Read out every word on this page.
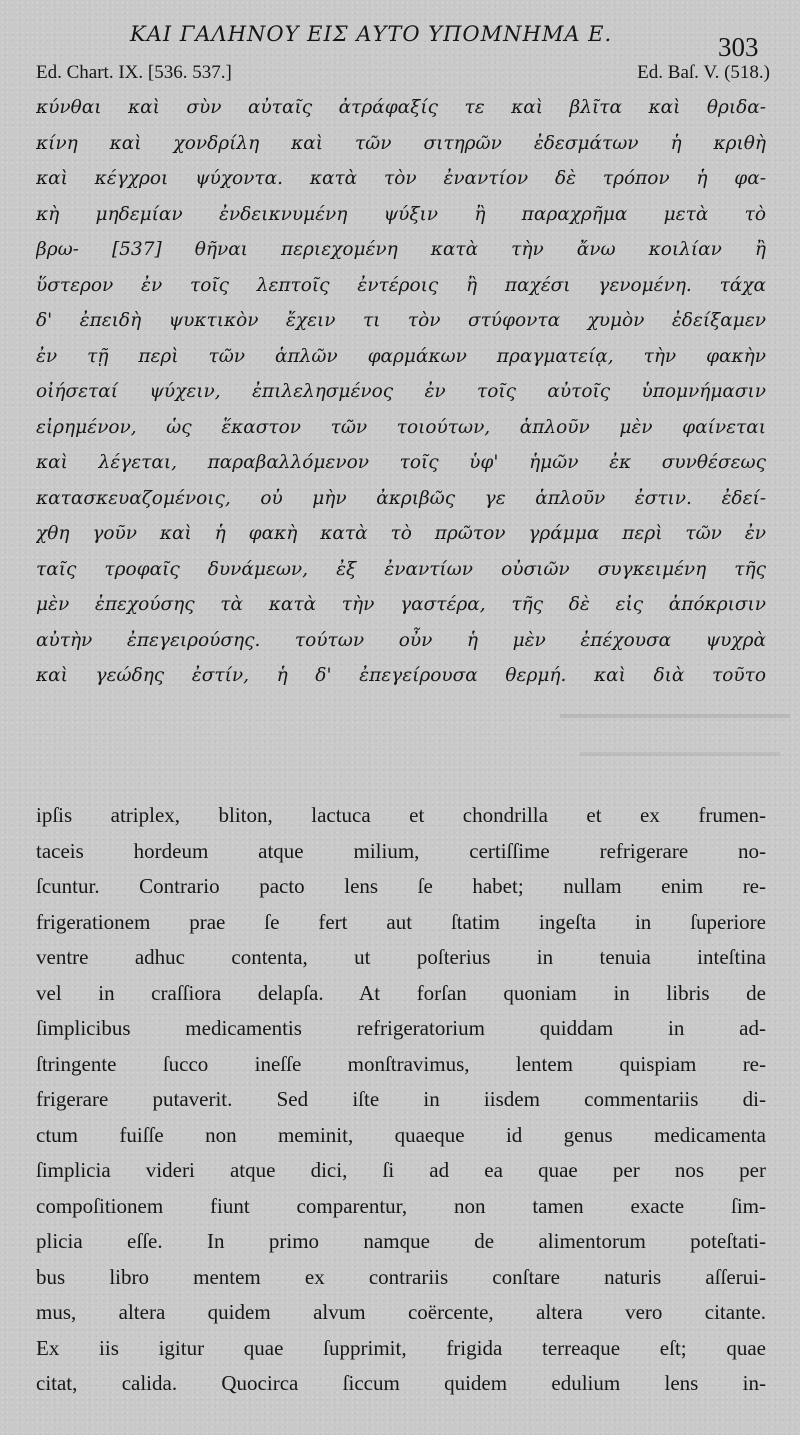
ΚΑΙ ΓΑΛΗΝΟΥ ΕΙΣ ΑΥΤΟ ΥΠΟΜΝΗΜΑ Ε.	303
Ed. Chart. IX. [536. 537.]	Ed. Baſ. V. (518.)
κύνθαι καὶ σὺν αὐταῖς ἀτράφαξίς τε καὶ βλῖτα καὶ θριδα-
κίνη καὶ χονδρίλη καὶ τῶν σιτηρῶν ἐδεσμάτων ἡ κριθὴ
καὶ κέγχροι ψύχοντα. κατὰ τὸν ἐναντίον δὲ τρόπον ἡ φα-
κὴ μηδεμίαν ἐνδεικνυμένη ψύξιν ἢ παραχρῆμα μετὰ τὸ
βρω- [537] θῆναι περιεχομένη κατὰ τὴν ἄνω κοιλίαν ἢ
ὕστερον ἐν τοῖς λεπτοῖς ἐντέροις ἢ παχέσι γενομένη. τάχα
δ' ἐπειδὴ ψυκτικὸν ἔχειν τι τὸν στύφοντα χυμὸν ἐδείξαμεν
ἐν τῇ περὶ τῶν ἁπλῶν φαρμάκων πραγματείᾳ, τὴν φακὴν
οἰήσεταί ψύχειν, ἐπιλελησμένος ἐν τοῖς αὐτοῖς ὑπομνήμασιν
εἰρημένον, ὡς ἕκαστον τῶν τοιούτων, ἁπλοῦν μὲν φαίνεται
καὶ λέγεται, παραβαλλόμενον τοῖς ὑφ' ἡμῶν ἐκ συνθέσεως
κατασκευαζομένοις, οὐ μὴν ἀκριβῶς γε ἁπλοῦν ἐστιν. ἐδεί-
χθη γοῦν καὶ ἡ φακὴ κατὰ τὸ πρῶτον γράμμα περὶ τῶν ἐν
ταῖς τροφαῖς δυνάμεων, ἐξ ἐναντίων οὐσιῶν συγκειμένη τῆς
μὲν ἐπεχούσης τὰ κατὰ τὴν γαστέρα, τῆς δὲ εἰς ἀπόκρισιν
αὐτὴν ἐπεγειρούσης. τούτων οὖν ἡ μὲν ἐπέχουσα ψυχρὰ
καὶ γεώδης ἐστίν, ἡ δ' ἐπεγείρουσα θερμή. καὶ διὰ τοῦτο
ipſis atriplex, bliton, lactuca et chondrilla et ex frumen-
taceis hordeum atque milium, certiſſime refrigerare no-
ſcuntur. Contrario pacto lens ſe habet; nullam enim re-
frigerationem prae ſe fert aut ſtatim ingeſta in ſuperiore
ventre adhuc contenta, ut poſterius in tenuia inteſtina
vel in craſſiora delapſa. At forſan quoniam in libris de
ſimplicibus medicamentis refrigeratorium quiddam in ad-
ſtringente ſucco ineſſe monſtravimus, lentem quispiam re-
frigerare putaverit. Sed iſte in iisdem commentariis di-
ctum fuiſſe non meminit, quaeque id genus medicamenta
ſimplicia videri atque dici, ſi ad ea quae per nos per
compoſitionem fiunt comparentur, non tamen exacte ſim-
plicia eſſe. In primo namque de alimentorum poteſtati-
bus libro mentem ex contrariis conſtare naturis aſſerui-
mus, altera quidem alvum coërcente, altera vero citante.
Ex iis igitur quae ſupprimit, frigida terreaque eſt; quae
citat, calida. Quocirca ſiccum quidem edulium lens in-
